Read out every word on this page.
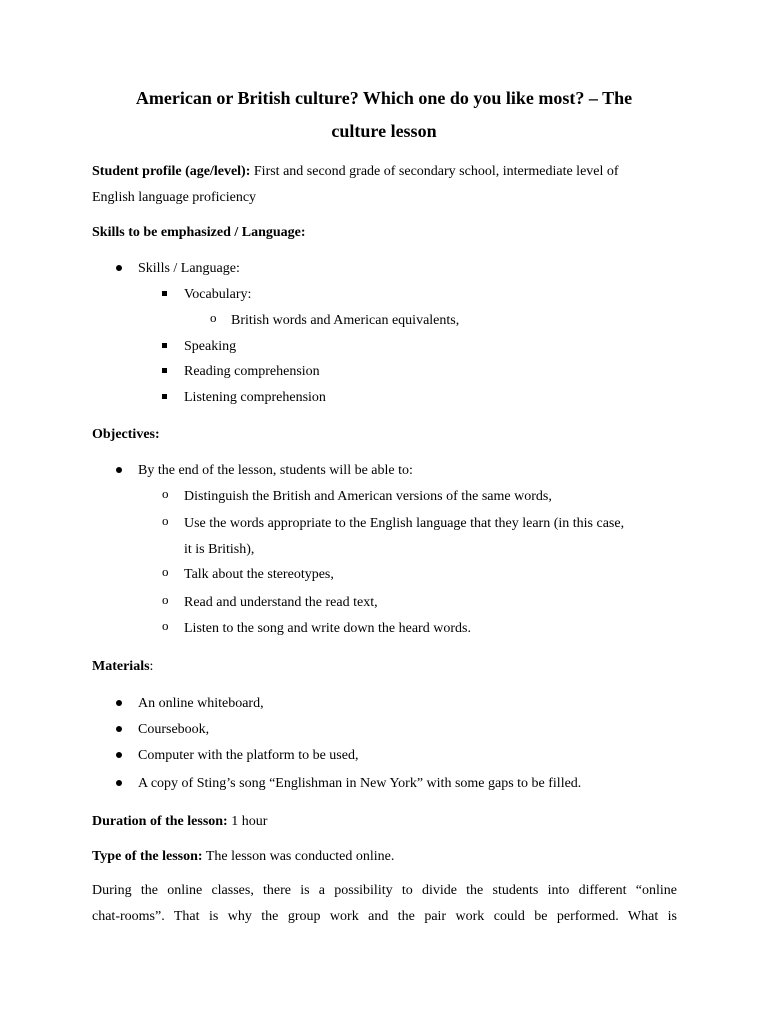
American or British culture? Which one do you like most? – The
culture lesson
Student profile (age/level): First and second grade of secondary school, intermediate level of
English language proficiency
Skills to be emphasized / Language:
Skills / Language:
Vocabulary:
o British words and American equivalents,
Speaking
Reading comprehension
Listening comprehension
Objectives:
By the end of the lesson, students will be able to:
o Distinguish the British and American versions of the same words,
o Use the words appropriate to the English language that they learn (in this case,
it is British),
o Talk about the stereotypes,
o Read and understand the read text,
o Listen to the song and write down the heard words.
Materials:
An online whiteboard,
Coursebook,
Computer with the platform to be used,
A copy of Sting’s song “Englishman in New York” with some gaps to be filled.
Duration of the lesson: 1 hour
Type of the lesson: The lesson was conducted online.
During the online classes, there is a possibility to divide the students into different “online
chat-rooms”. That is why the group work and the pair work could be performed. What is
